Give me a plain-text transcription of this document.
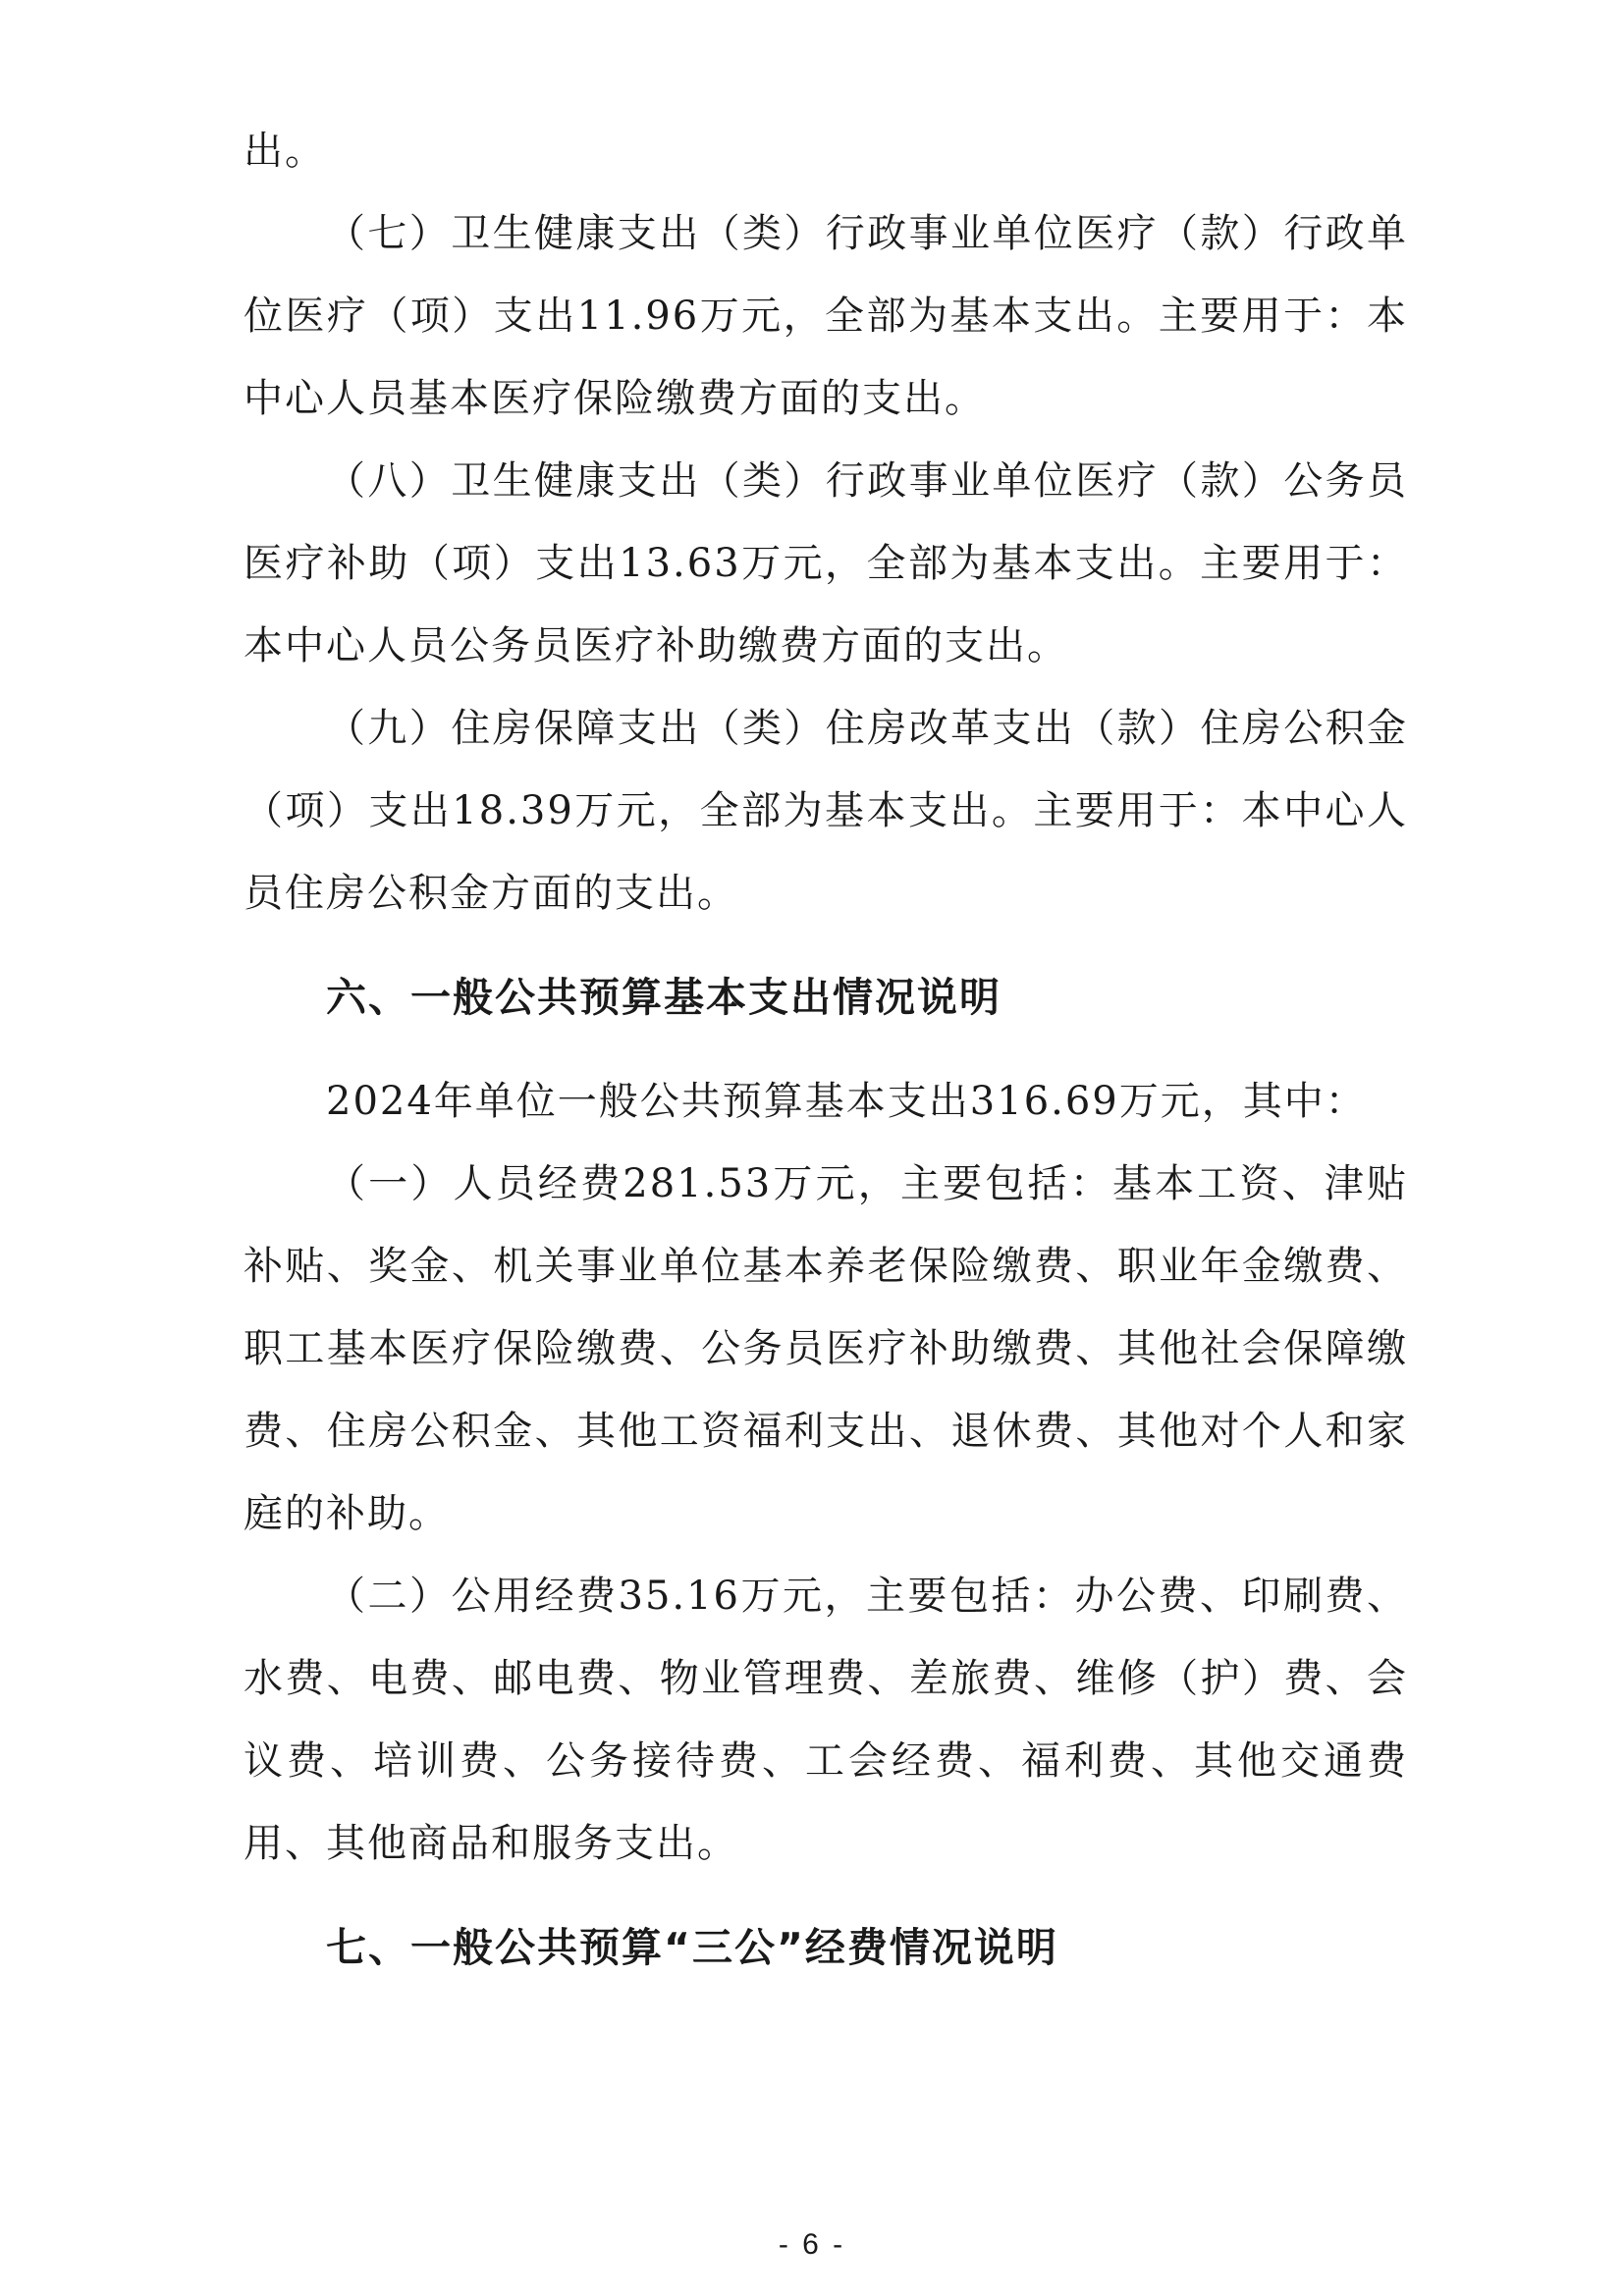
出。

（七）卫生健康支出（类）行政事业单位医疗（款）行政单位医疗（项）支出11.96万元，全部为基本支出。主要用于：本中心人员基本医疗保险缴费方面的支出。

（八）卫生健康支出（类）行政事业单位医疗（款）公务员医疗补助（项）支出13.63万元，全部为基本支出。主要用于：本中心人员公务员医疗补助缴费方面的支出。

（九）住房保障支出（类）住房改革支出（款）住房公积金（项）支出18.39万元，全部为基本支出。主要用于：本中心人员住房公积金方面的支出。

六、一般公共预算基本支出情况说明

2024年单位一般公共预算基本支出316.69万元，其中：

（一）人员经费281.53万元，主要包括：基本工资、津贴补贴、奖金、机关事业单位基本养老保险缴费、职业年金缴费、职工基本医疗保险缴费、公务员医疗补助缴费、其他社会保障缴费、住房公积金、其他工资福利支出、退休费、其他对个人和家庭的补助。

（二）公用经费35.16万元，主要包括：办公费、印刷费、水费、电费、邮电费、物业管理费、差旅费、维修（护）费、会议费、培训费、公务接待费、工会经费、福利费、其他交通费用、其他商品和服务支出。

七、一般公共预算“三公”经费情况说明
- 6 -
